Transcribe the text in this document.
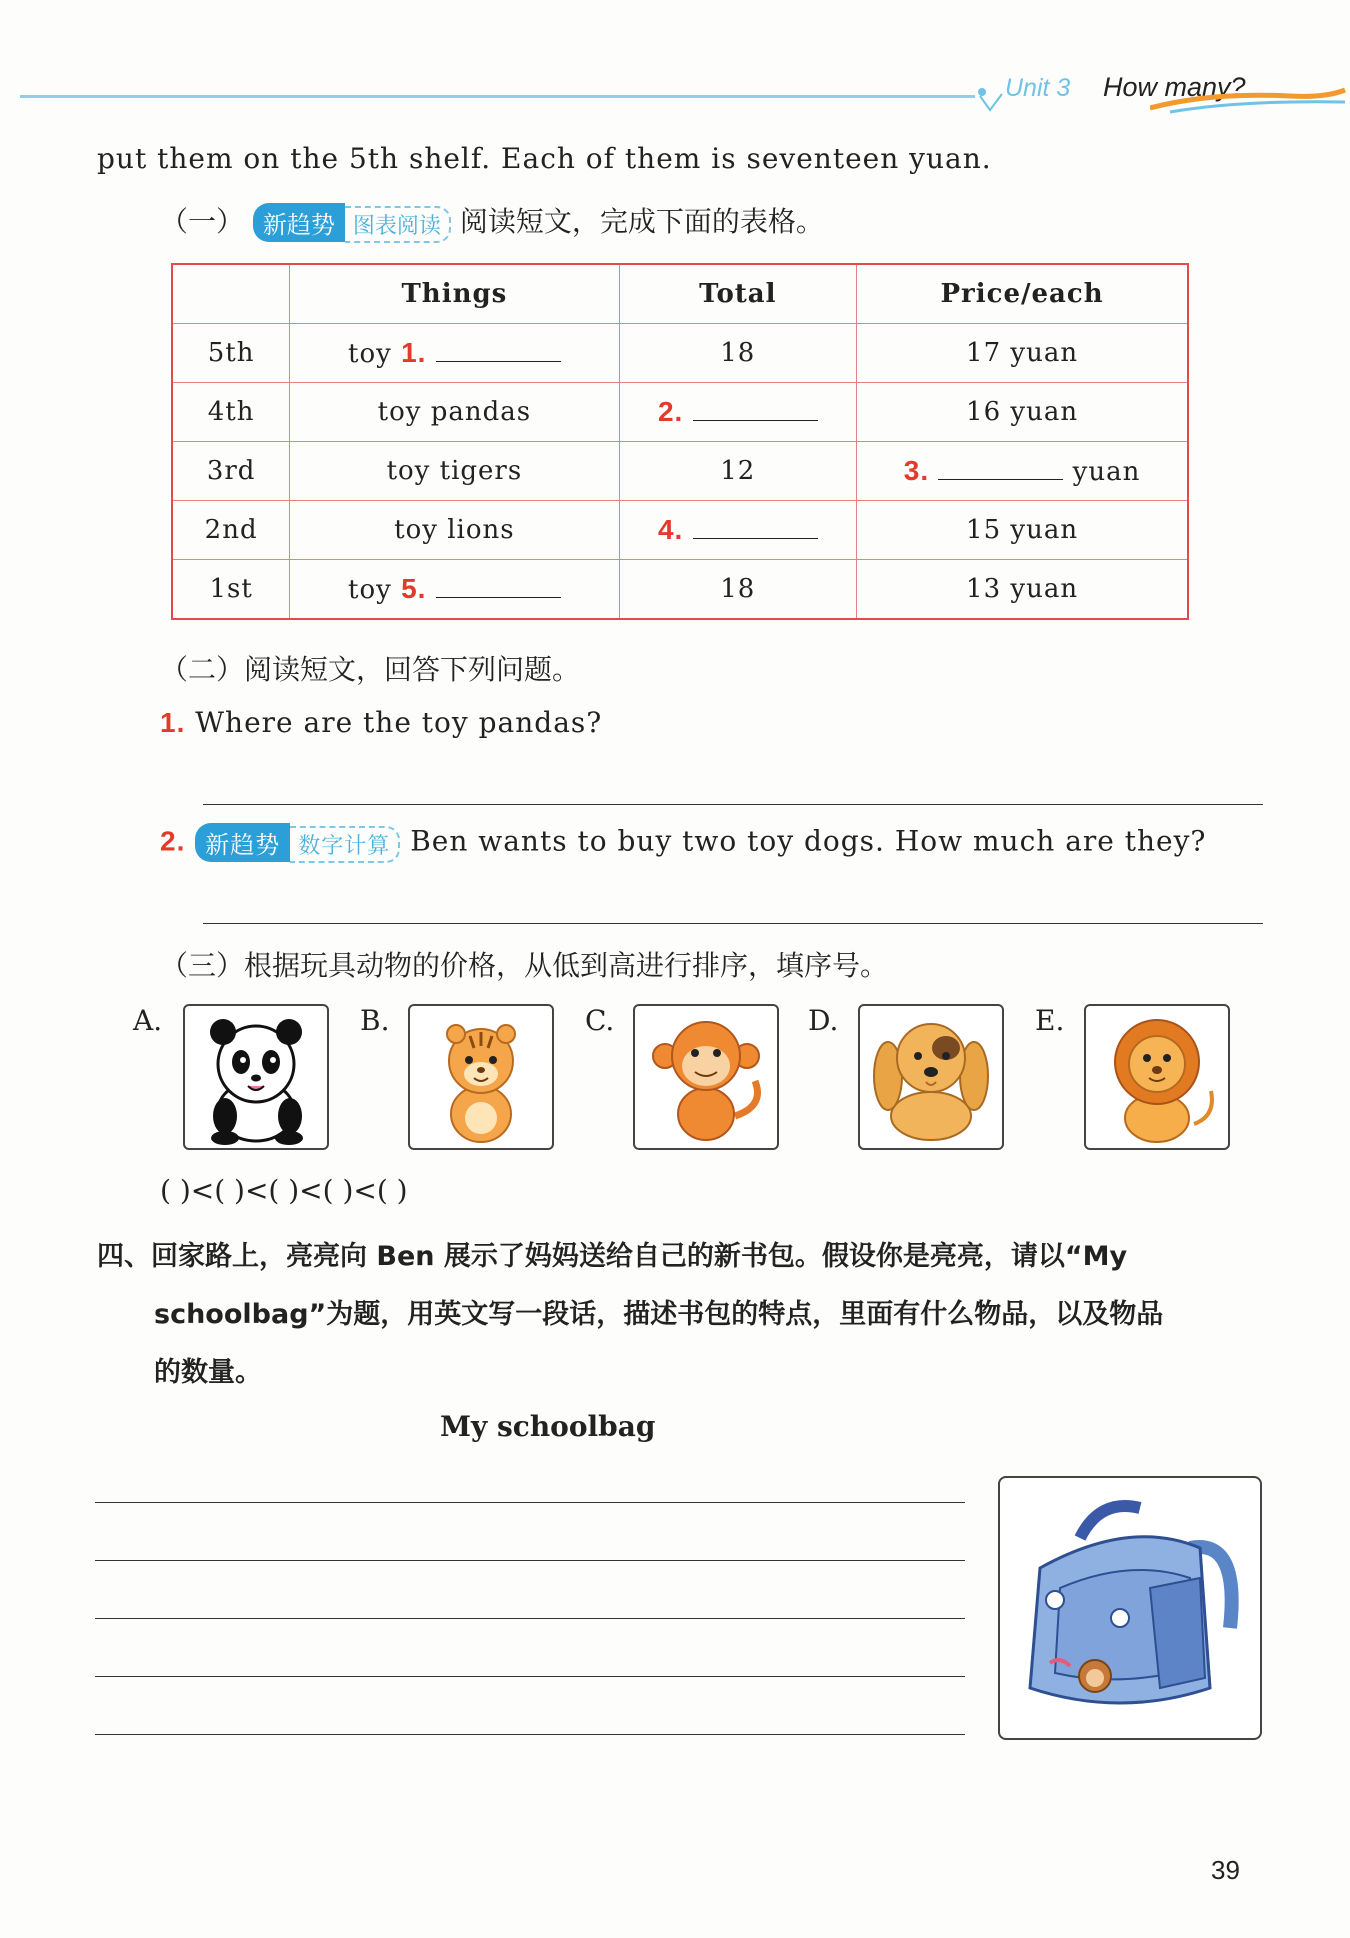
Unit 3 How many?
put them on the 5th shelf. Each of them is seventeen yuan.
（一） 新趋势 图表阅读 阅读短文，完成下面的表格。
	Things	Total	Price/each
5th	toy 1.	18	17 yuan
4th	toy pandas	2.	16 yuan
3rd	toy tigers	12	3. yuan
2nd	toy lions	4.	15 yuan
1st	toy 5.	18	13 yuan
（二）阅读短文，回答下列问题。
1. Where are the toy pandas?
2. 新趋势 数字计算 Ben wants to buy two toy dogs. How much are they?
（三）根据玩具动物的价格，从低到高进行排序，填序号。
A.	B.	C.	D.	E.
( )<( )<( )<( )<( )
四、回家路上，亮亮向 Ben 展示了妈妈送给自己的新书包。假设你是亮亮，请以“My
schoolbag”为题，用英文写一段话，描述书包的特点，里面有什么物品，以及物品
的数量。
My schoolbag
39
